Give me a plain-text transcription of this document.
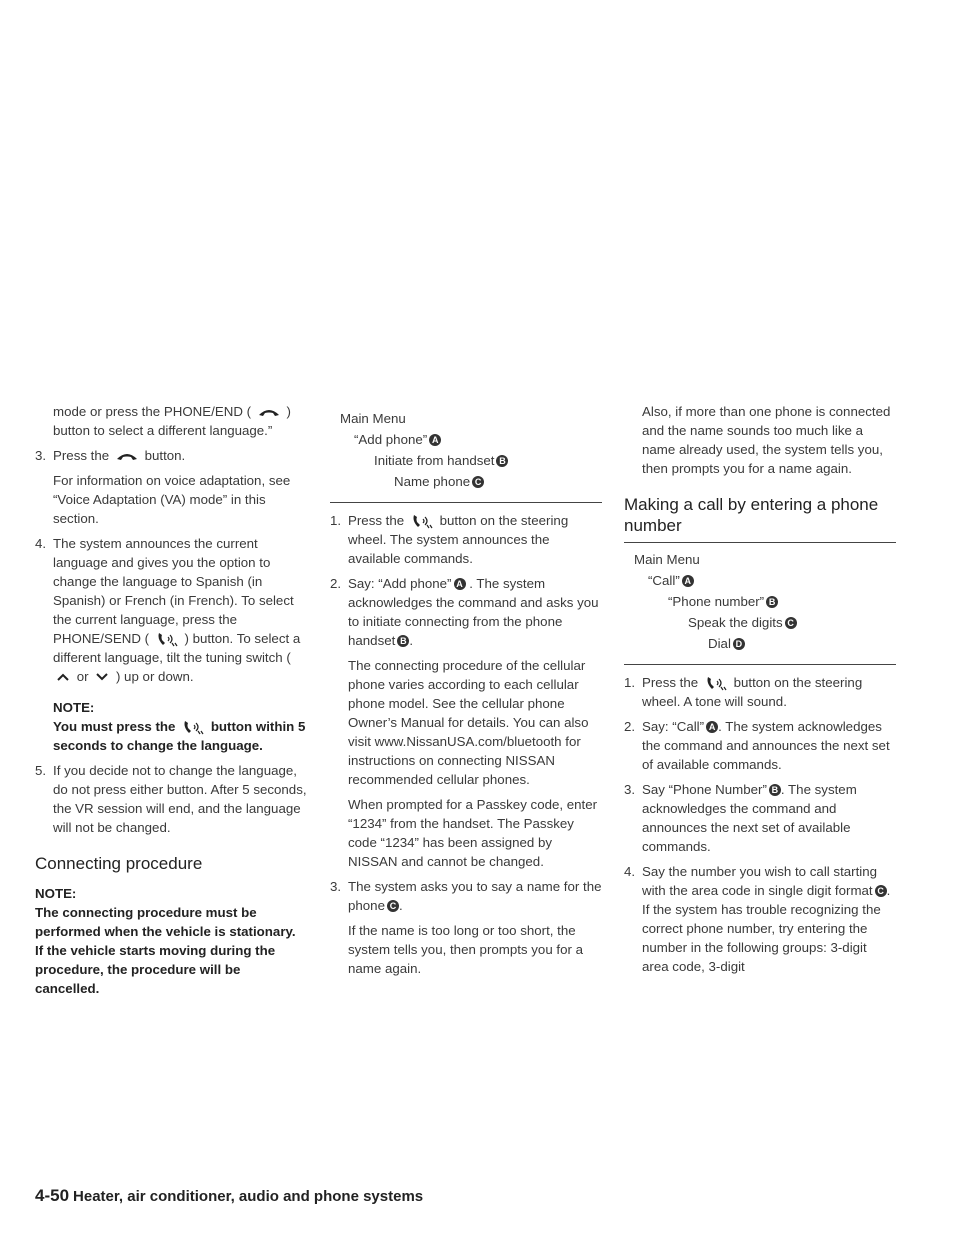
mode or press the PHONE/END (	) button to select a different language.”

3. Press the	button.

For information on voice adaptation, see “Voice Adaptation (VA) mode” in this section.

4. The system announces the current language and gives you the option to change the language to Spanish (in Spanish) or French (in French). To select the current language, press the PHONE/SEND (	) button. To select a different language, tilt the tuning switch (  or ) up or down.
NOTE:
You must press the	button within 5 seconds to change the language.
5. If you decide not to change the language, do not press either button. After 5 seconds, the VR session will end, and the language will not be changed.
Connecting procedure
NOTE:
The connecting procedure must be performed when the vehicle is stationary. If the vehicle starts moving during the procedure, the procedure will be cancelled.
Main Menu
“Add phone” A
Initiate from handset B
Name phone C
1. Press the	button on the steering wheel. The system announces the available commands.
2. Say: “Add phone” A . The system acknowledges the command and asks you to initiate connecting from the phone handset B .

The connecting procedure of the cellular phone varies according to each cellular phone model. See the cellular phone Owner’s Manual for details. You can also visit www.NissanUSA.com/bluetooth for instructions on connecting NISSAN recommended cellular phones.

When prompted for a Passkey code, enter “1234” from the handset. The Passkey code “1234” has been assigned by NISSAN and cannot be changed.

3. The system asks you to say a name for the phone C .

If the name is too long or too short, the system tells you, then prompts you for a name again.

Also, if more than one phone is connected and the name sounds too much like a name already used, the system tells you, then prompts you for a name again.

Making a call by entering a phone number
Main Menu
“Call” A
“Phone number” B
Speak the digits C
Dial D
1. Press the	button on the steering wheel. A tone will sound.
2. Say: “Call” A . The system acknowledges the command and announces the next set of available commands.
3. Say “Phone Number” B . The system acknowledges the command and announces the next set of available commands.
4. Say the number you wish to call starting with the area code in single digit format C . If the system has trouble recognizing the correct phone number, try entering the number in the following groups: 3-digit area code, 3-digit
4-50 Heater, air conditioner, audio and phone systems
